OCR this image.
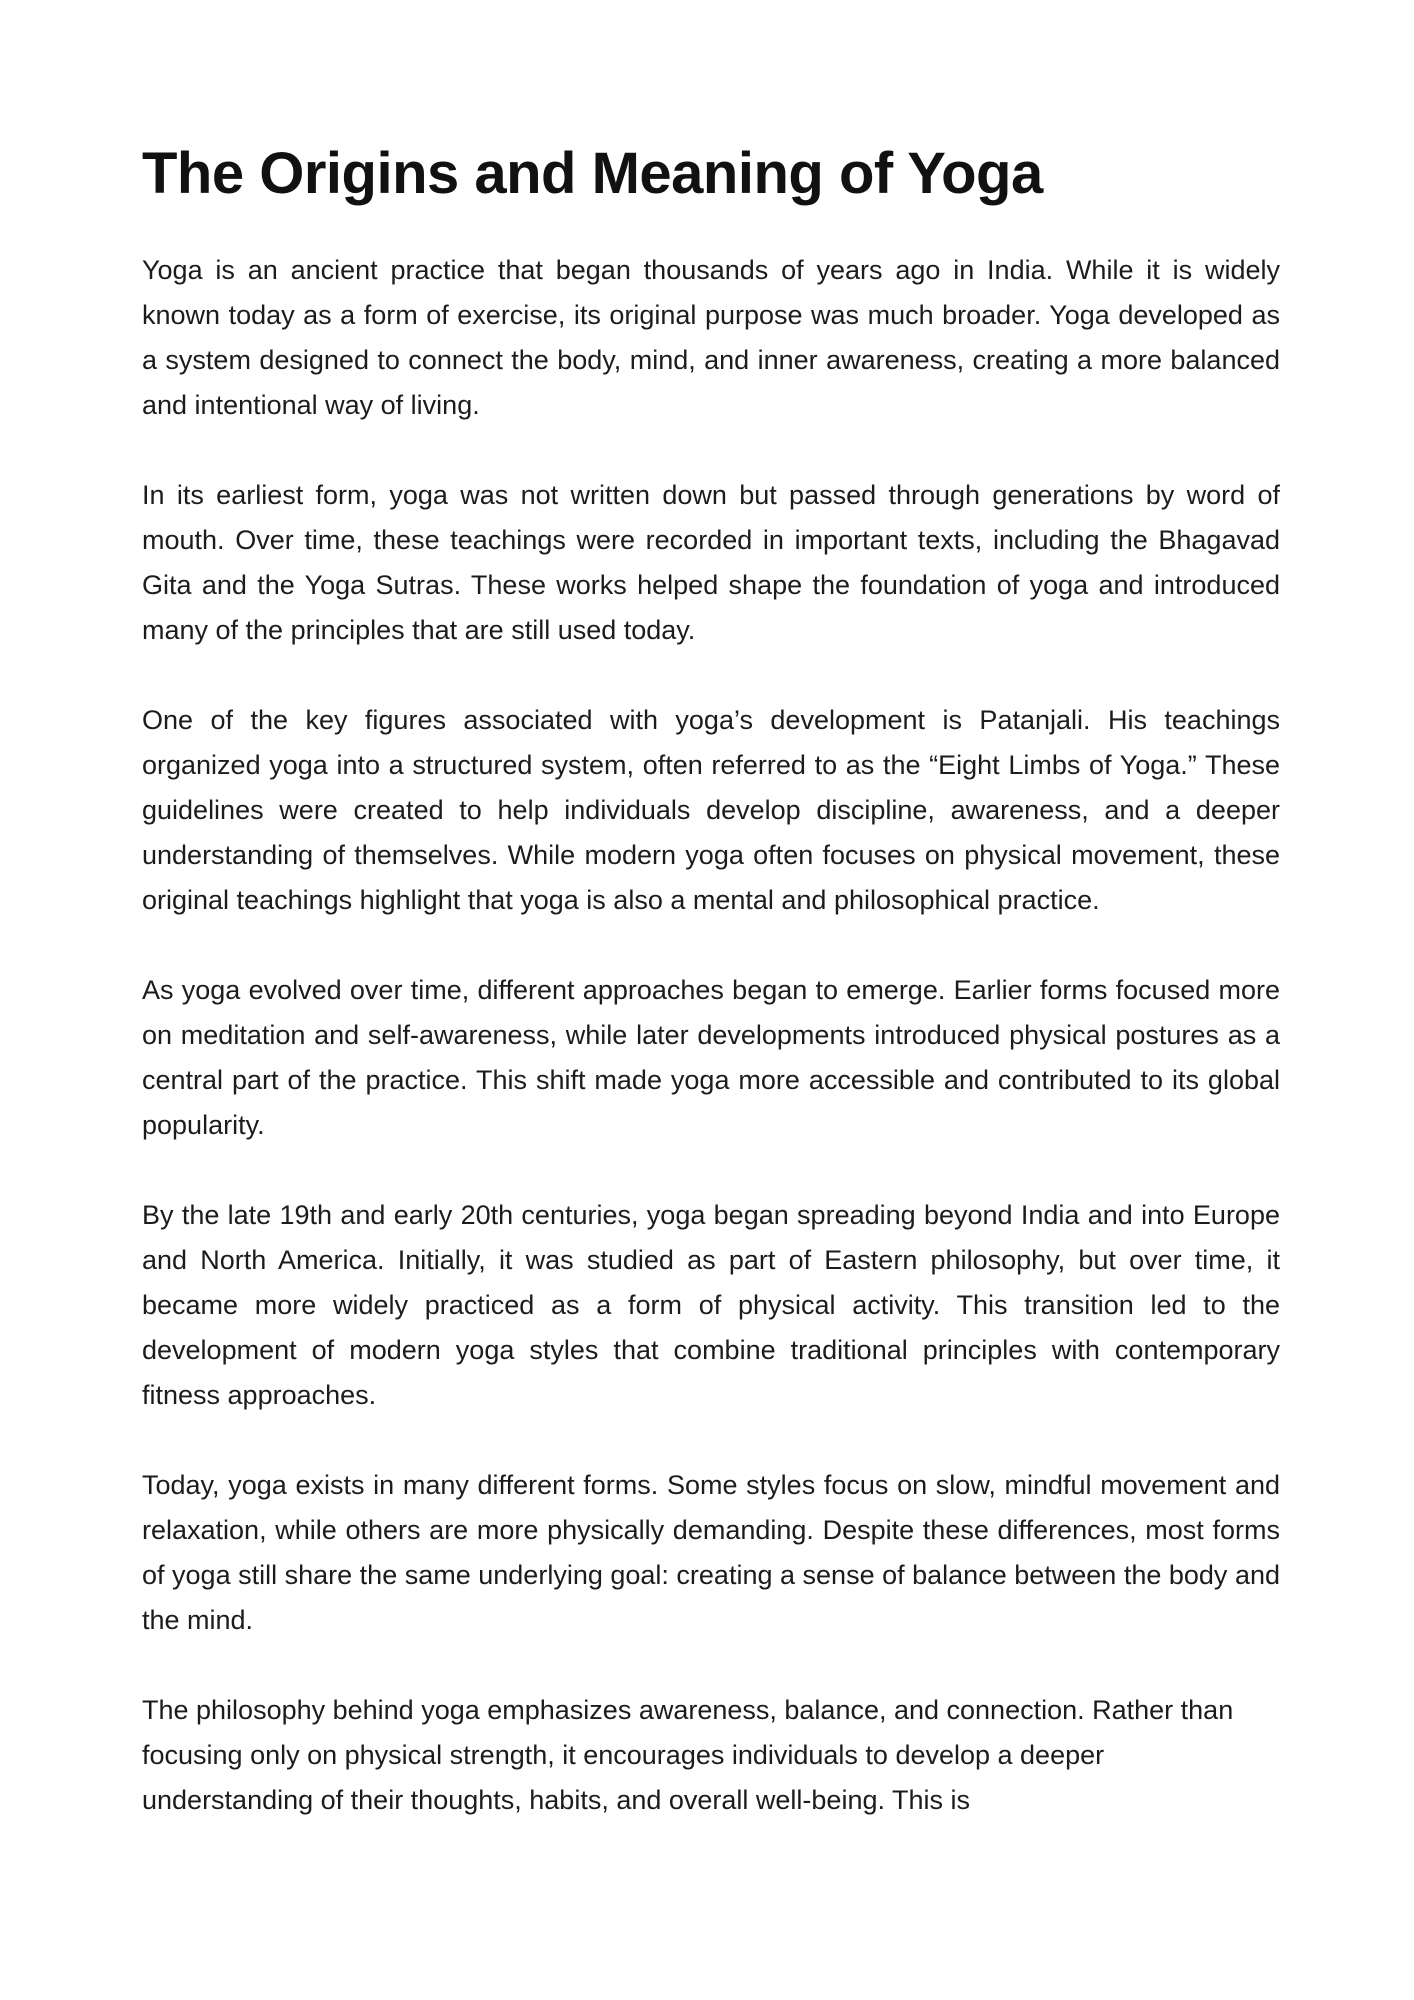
The Origins and Meaning of Yoga

Yoga is an ancient practice that began thousands of years ago in India. While it is widely known today as a form of exercise, its original purpose was much broader. Yoga developed as a system designed to connect the body, mind, and inner awareness, creating a more balanced and intentional way of living.

In its earliest form, yoga was not written down but passed through generations by word of mouth. Over time, these teachings were recorded in important texts, including the Bhagavad Gita and the Yoga Sutras. These works helped shape the foundation of yoga and introduced many of the principles that are still used today.

One of the key figures associated with yoga’s development is Patanjali. His teachings organized yoga into a structured system, often referred to as the “Eight Limbs of Yoga.” These guidelines were created to help individuals develop discipline, awareness, and a deeper understanding of themselves. While modern yoga often focuses on physical movement, these original teachings highlight that yoga is also a mental and philosophical practice.

As yoga evolved over time, different approaches began to emerge. Earlier forms focused more on meditation and self-awareness, while later developments introduced physical postures as a central part of the practice. This shift made yoga more accessible and contributed to its global popularity.

By the late 19th and early 20th centuries, yoga began spreading beyond India and into Europe and North America. Initially, it was studied as part of Eastern philosophy, but over time, it became more widely practiced as a form of physical activity. This transition led to the development of modern yoga styles that combine traditional principles with contemporary fitness approaches.

Today, yoga exists in many different forms. Some styles focus on slow, mindful movement and relaxation, while others are more physically demanding. Despite these differences, most forms of yoga still share the same underlying goal: creating a sense of balance between the body and the mind.

The philosophy behind yoga emphasizes awareness, balance, and connection. Rather than focusing only on physical strength, it encourages individuals to develop a deeper understanding of their thoughts, habits, and overall well-being. This is
